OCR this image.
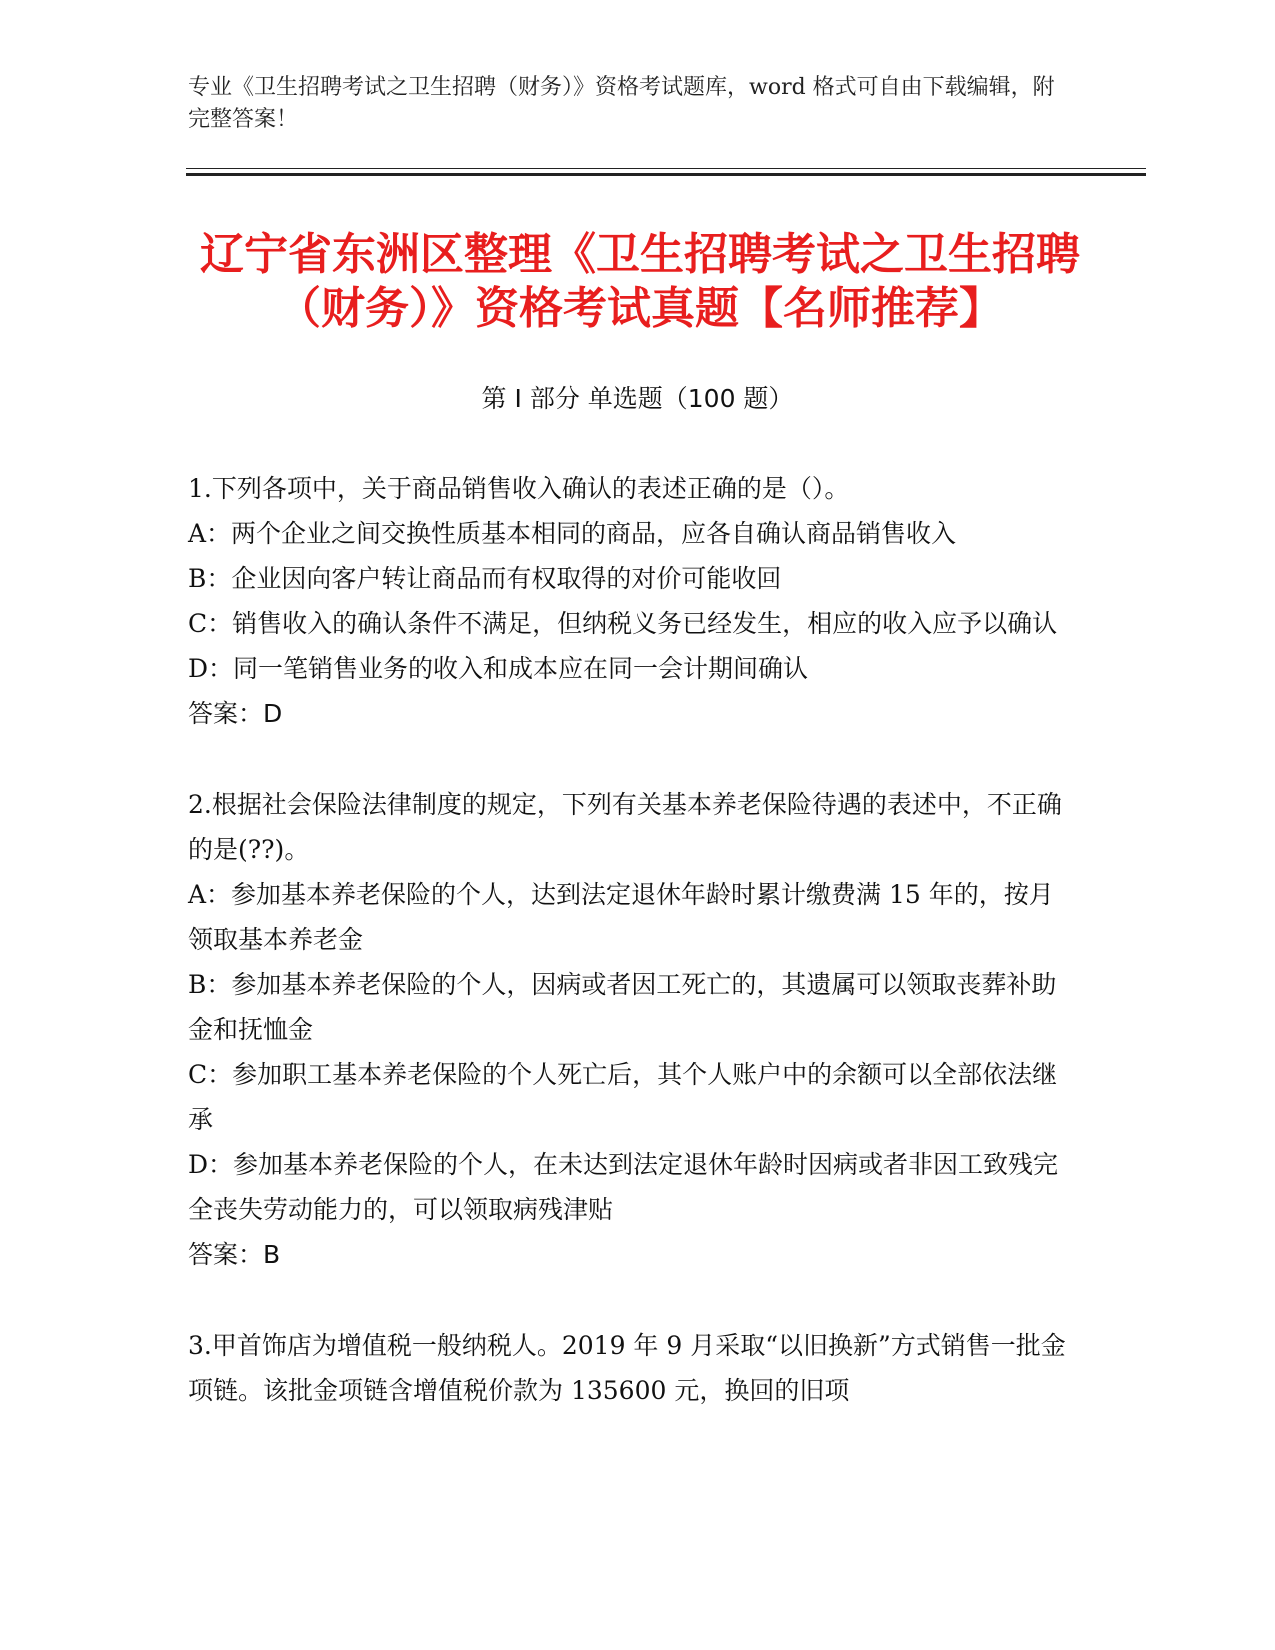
专业《卫生招聘考试之卫生招聘（财务）》资格考试题库，word 格式可自由下载编辑，附完整答案！
辽宁省东洲区整理《卫生招聘考试之卫生招聘（财务）》资格考试真题【名师推荐】
第 I 部分 单选题（100 题）
1.下列各项中，关于商品销售收入确认的表述正确的是（）。
A：两个企业之间交换性质基本相同的商品，应各自确认商品销售收入
B：企业因向客户转让商品而有权取得的对价可能收回
C：销售收入的确认条件不满足，但纳税义务已经发生，相应的收入应予以确认
D：同一笔销售业务的收入和成本应在同一会计期间确认
答案：D
2.根据社会保险法律制度的规定，下列有关基本养老保险待遇的表述中，不正确的是(??)。
A：参加基本养老保险的个人，达到法定退休年龄时累计缴费满 15 年的，按月领取基本养老金
B：参加基本养老保险的个人，因病或者因工死亡的，其遗属可以领取丧葬补助金和抚恤金
C：参加职工基本养老保险的个人死亡后，其个人账户中的余额可以全部依法继承
D：参加基本养老保险的个人，在未达到法定退休年龄时因病或者非因工致残完全丧失劳动能力的，可以领取病残津贴
答案：B
3.甲首饰店为增值税一般纳税人。2019 年 9 月采取“以旧换新”方式销售一批金项链。该批金项链含增值税价款为 135600 元，换回的旧项
